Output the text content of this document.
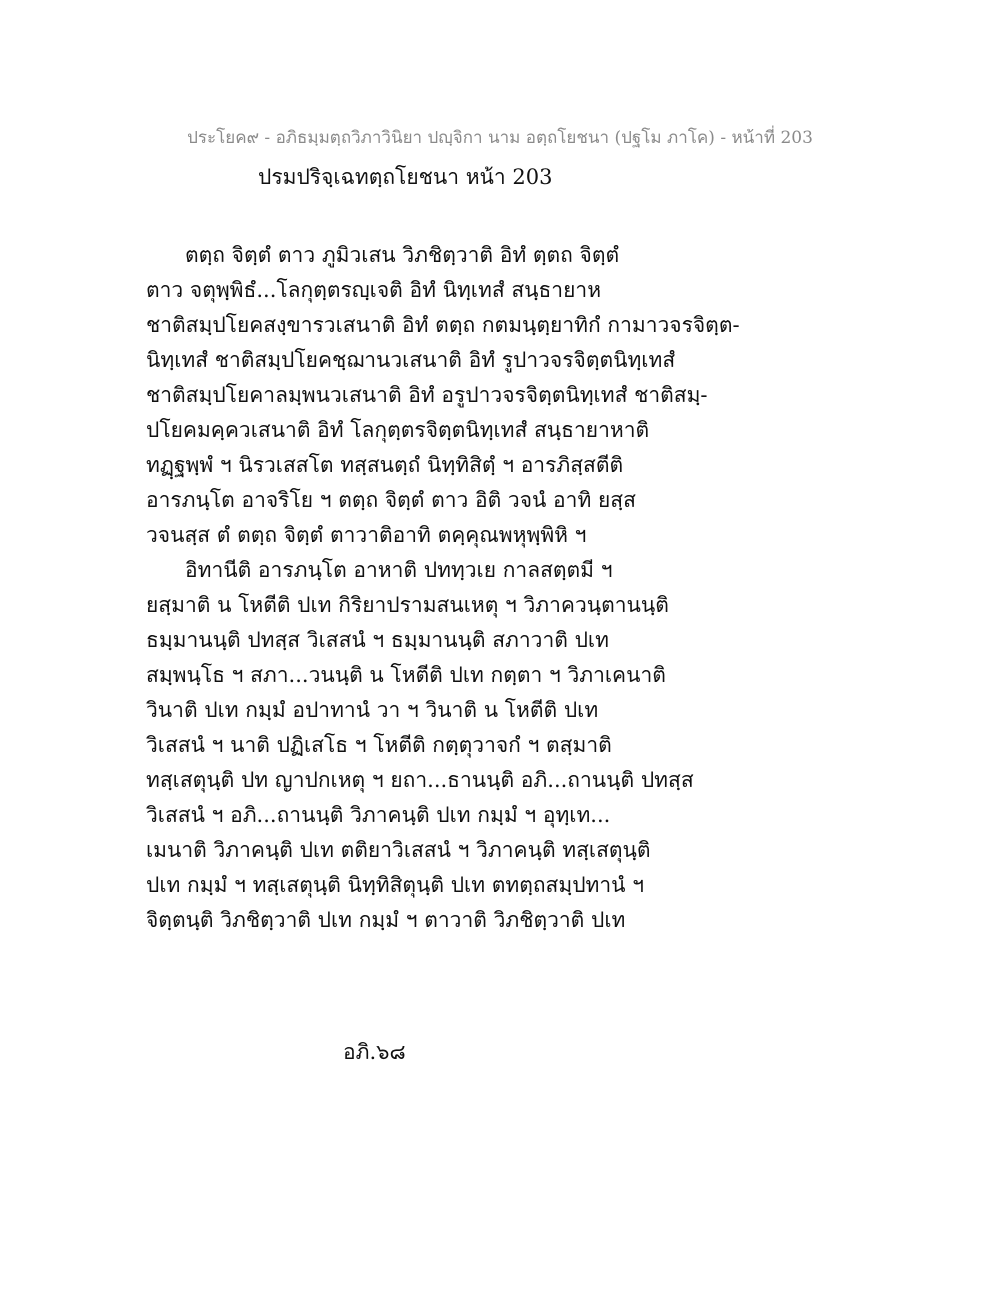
ประโยค๙ - อภิธมฺมตฺถวิภาวินิยา ปญฺจิกา นาม อตฺถโยชนา (ปฐโม ภาโค) - หน้าที่ 203
ปรมปริจฺเฉทตฺถโยชนา หน้า 203
ตตฺถ จิตฺตํ ตาว ภูมิวเสน วิภชิตฺวาติ อิทํ ตฺตถ จิตฺตํ
ตาว จตุพฺพิธํ...โลกุตฺตรญฺเจติ อิทํ นิทฺเทสํ สนฺธายาห
ชาติสมฺปโยคสงฺขารวเสนาติ อิทํ ตตฺถ กตมนฺตฺยาทิกํ กามาวจรจิตฺต-
นิทฺเทสํ ชาติสมฺปโยคชฺฌานวเสนาติ อิทํ รูปาวจรจิตฺตนิทฺเทสํ
ชาติสมฺปโยคาลมฺพนวเสนาติ อิทํ อรูปาวจรจิตฺตนิทฺเทสํ ชาติสมฺ-
ปโยคมคฺควเสนาติ อิทํ โลกุตฺตรจิตฺตนิทฺเทสํ สนฺธายาหาติ
ทฏฺฐพฺพํ ฯ นิรวเสสโต ทสฺสนตฺถํ นิทฺทิสิตฺํ ฯ อารภิสฺสตีติ
อารภนฺโต อาจริโย ฯ ตตฺถ จิตฺตํ ตาว อิติ วจนํ อาทิ ยสฺส
วจนสฺส ตํ ตตฺถ จิตฺตํ ตาวาติอาทิ ตคฺคุณพหุพฺพิหิ ฯ
อิทานีติ อารภนฺโต อาหาติ ปททฺวเย กาลสตฺตมี ฯ
ยสฺมาติ น โหตีติ ปเท กิริยาปรามสนเหตุ ฯ วิภาควนฺตานนฺติ
ธมฺมานนฺติ ปทสฺส วิเสสนํ ฯ ธมฺมานนฺติ สภาวาติ ปเท
สมฺพนฺโธ ฯ สภา...วนนฺติ น โหตีติ ปเท กตฺตา ฯ วิภาเคนาติ
วินาติ ปเท กมฺมํ อปาทานํ วา ฯ วินาติ น โหตีติ ปเท
วิเสสนํ ฯ นาติ ปฏิเสโธ ฯ โหตีติ กตฺตุวาจกํ ฯ ตสฺมาติ
ทสฺเสตุนฺติ ปท ญาปกเหตุ ฯ ยถา...ธานนฺติ อภิ...ถานนฺติ ปทสฺส
วิเสสนํ ฯ อภิ...ถานนฺติ วิภาคนฺติ ปเท กมฺมํ ฯ อุทฺเท...
เมนาติ วิภาคนฺติ ปเท ตติยาวิเสสนํ ฯ วิภาคนฺติ ทสฺเสตุนฺติ
ปเท กมฺมํ ฯ ทสฺเสตุนฺติ นิทฺทิสิตุนฺติ ปเท ตทตฺถสมฺปทานํ ฯ
จิตฺตนฺติ วิภชิตฺวาติ ปเท กมฺมํ ฯ ตาวาติ วิภชิตฺวาติ ปเท
อภิ.๖๘
